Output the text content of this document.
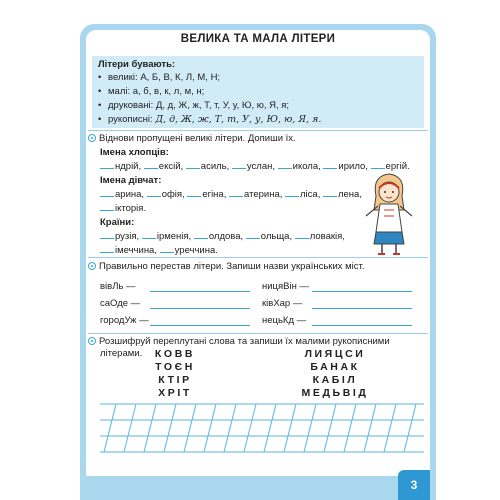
ВЕЛИКА ТА МАЛА ЛІТЕРИ
Літери бувають:
• великі: А, Б, В, К, Л, М, Н;
• малі: а, б, в, к, л, м, н;
• друковані: Д, д, Ж, ж, Т, т, У, у, Ю, ю, Я, я;
• рукописні: Д, д, Ж, ж, Т, т, У, у, Ю, ю, Я, я.
Віднови пропущені великі літери. Допиши їх.
Імена хлопців:
ндрій, ексій, асиль, услан, икола, ирило, ергій.
Імена дівчат:
арина, офія, егіна, атерина, ліса, лена,
ікторія.
Країни:
рузія, ірменія, олдова, ольща, ловакія,
імеччина, уреччина.
Правильно перестав літери. Запиши назви українських міст.
вівЛь —
саОде —
городУж —
ницяВін —
ківХар —
нецьКд —
Розшифруй переплутані слова та запиши їх малими рукописними
літерами.	КОВВ
ТОЄН
КТІР
ХРІТ
ЛИЯЦСИ
БАНАК
КАБІЛ
МЕДЬВІД
3
